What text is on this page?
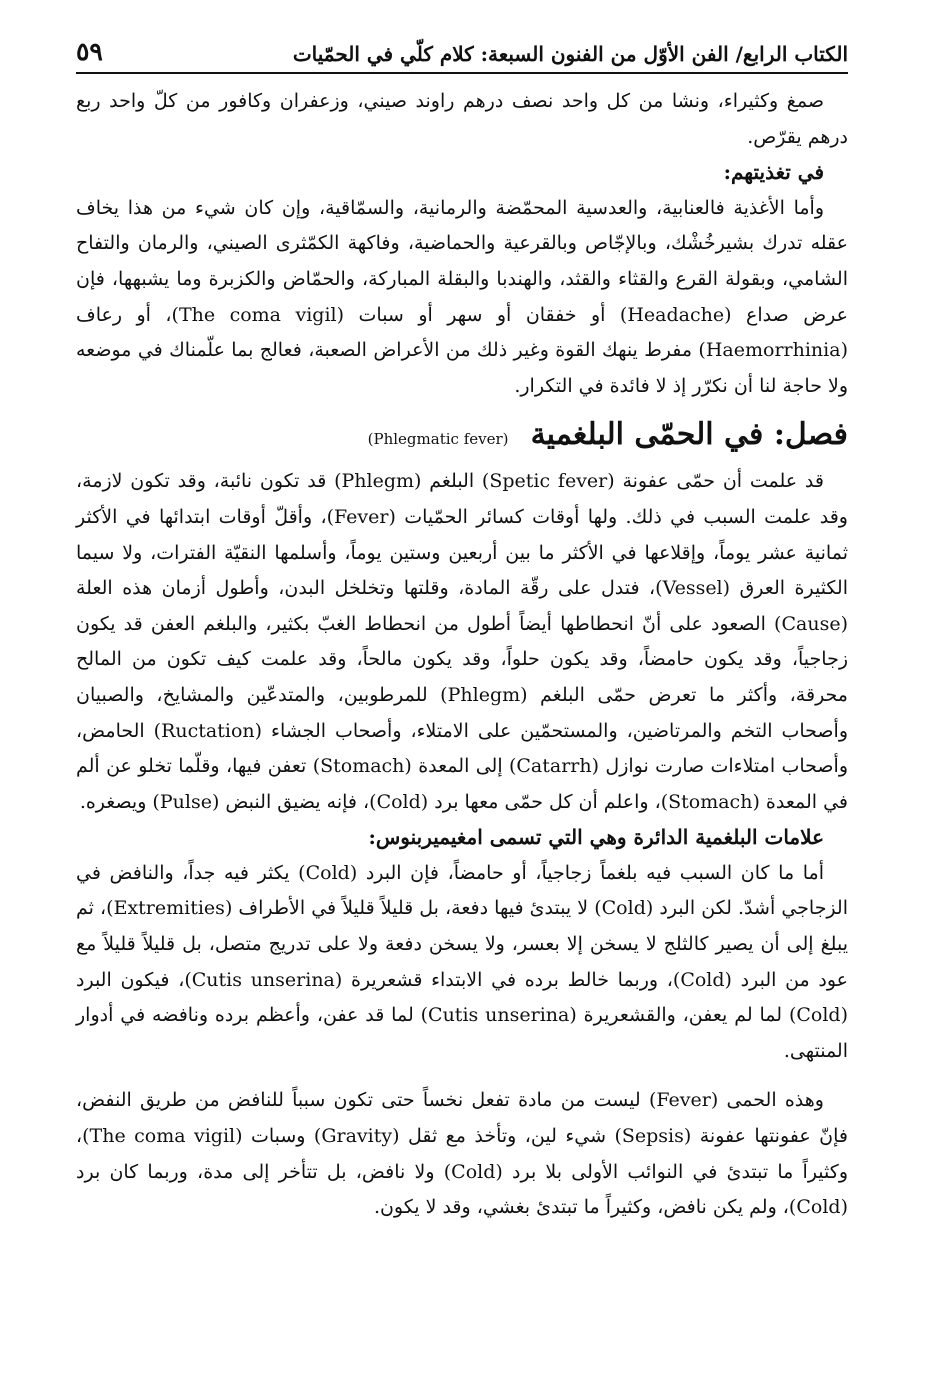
٥٩	الكتاب الرابع/ الفن الأوّل من الفنون السبعة: كلام كلّي في الحمّيات

صمغ وكثيراء، ونشا من كل واحد نصف درهم راوند صيني، وزعفران وكافور من كلّ واحد ربع درهم يقرّص.

في تغذيتهم:

وأما الأغذية فالعنابية، والعدسية المحمّضة والرمانية، والسمّاقية، وإن كان شيء من هذا يخاف عقله تدرك بشيرخُشْك، وبالإجّاص وبالقرعية والحماضية، وفاكهة الكمّثرى الصيني، والرمان والتفاح الشامي، وبقولة القرع والقثاء والقثد، والهندبا والبقلة المباركة، والحمّاض والكزبرة وما يشبهها، فإن عرض صداع (Headache) أو خفقان أو سهر أو سبات (The coma vigil)، أو رعاف (Haemorrhinia) مفرط ينهك القوة وغير ذلك من الأعراض الصعبة، فعالج بما علّمناك في موضعه ولا حاجة لنا أن نكرّر إذ لا فائدة في التكرار.

فصل: في الحمّى البلغمية (Phlegmatic fever)

قد علمت أن حمّى عفونة (Spetic fever) البلغم (Phlegm) قد تكون نائبة، وقد تكون لازمة، وقد علمت السبب في ذلك. ولها أوقات كسائر الحمّيات (Fever)، وأقلّ أوقات ابتدائها في الأكثر ثمانية عشر يوماً، وإقلاعها في الأكثر ما بين أربعين وستين يوماً، وأسلمها النقيّة الفترات، ولا سيما الكثيرة العرق (Vessel)، فتدل على رقّة المادة، وقلتها وتخلخل البدن، وأطول أزمان هذه العلة (Cause) الصعود على أنّ انحطاطها أيضاً أطول من انحطاط الغبّ بكثير، والبلغم العفن قد يكون زجاجياً، وقد يكون حامضاً، وقد يكون حلواً، وقد يكون مالحاً، وقد علمت كيف تكون من المالح محرقة، وأكثر ما تعرض حمّى البلغم (Phlegm) للمرطوبين، والمتدعّين والمشايخ، والصبيان وأصحاب التخم والمرتاضين، والمستحمّين على الامتلاء، وأصحاب الجشاء (Ructation) الحامض، وأصحاب امتلاءات صارت نوازل (Catarrh) إلى المعدة (Stomach) تعفن فيها، وقلّما تخلو عن ألم في المعدة (Stomach)، واعلم أن كل حمّى معها برد (Cold)، فإنه يضيق النبض (Pulse) ويصغره.

علامات البلغمية الدائرة وهي التي تسمى امغيميربنوس:

أما ما كان السبب فيه بلغماً زجاجياً، أو حامضاً، فإن البرد (Cold) يكثر فيه جداً، والنافض في الزجاجي أشدّ. لكن البرد (Cold) لا يبتدئ فيها دفعة، بل قليلاً قليلاً في الأطراف (Extremities)، ثم يبلغ إلى أن يصير كالثلج لا يسخن إلا بعسر، ولا يسخن دفعة ولا على تدريج متصل، بل قليلاً قليلاً مع عود من البرد (Cold)، وربما خالط برده في الابتداء قشعريرة (Cutis unserina)، فيكون البرد (Cold) لما لم يعفن، والقشعريرة (Cutis unserina) لما قد عفن، وأعظم برده ونافضه في أدوار المنتهى.

وهذه الحمى (Fever) ليست من مادة تفعل نخساً حتى تكون سبباً للنافض من طريق النفض، فإنّ عفونتها عفونة (Sepsis) شيء لين، وتأخذ مع ثقل (Gravity) وسبات (The coma vigil)، وكثيراً ما تبتدئ في النوائب الأولى بلا برد (Cold) ولا نافض، بل تتأخر إلى مدة، وربما كان برد (Cold)، ولم يكن نافض، وكثيراً ما تبتدئ بغشي، وقد لا يكون.
